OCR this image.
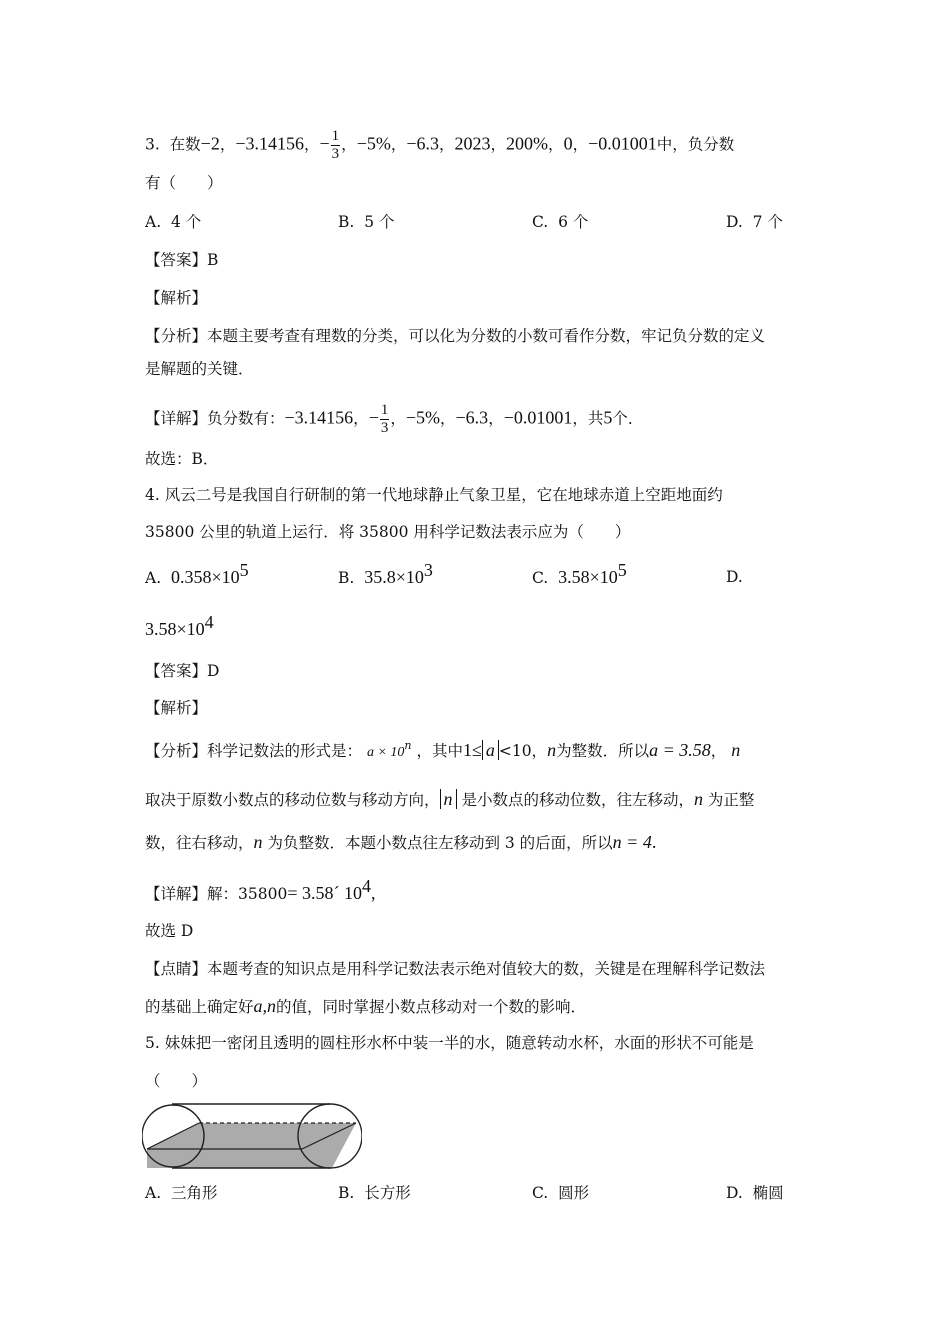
3. 在数−2，−3.14156，− $\frac{1}{3}$ ，−5%，−6.3，2023，200%，0，−0.01001中，负分数
有（　　）
A. 4 个	B. 5 个	C. 6 个	D. 7 个
【答案】B
【解析】
【分析】本题主要考查有理数的分类，可以化为分数的小数可看作分数，牢记负分数的定义
是解题的关键．
【详解】负分数有：−3.14156，− $\frac{1}{3}$ ，−5%，−6.3，−0.01001，共5个．
故选：B．
4. 风云二号是我国自行研制的第一代地球静止气象卫星，它在地球赤道上空距地面约
35800 公里的轨道上运行．将 35800 用科学记数法表示应为（　　）
A. $0.358\times 10^5$	B. $35.8\times 10^3$	C. $3.58\times 10^5$	D.
$3.58\times 10^4$
【答案】D
【解析】
【分析】科学记数法的形式是： $a \times 10^n$ ，其中1≤ a <10，n为整数．所以a = 3.58， n
取决于原数小数点的移动位数与移动方向， n 是小数点的移动位数，往左移动，n 为正整
数，往右移动，n 为负整数．本题小数点往左移动到 3 的后面，所以n = 4.
【详解】解：35800= 3.58´ $10^4$,
故选 D
【点睛】本题考查的知识点是用科学记数法表示绝对值较大的数，关键是在理解科学记数法
的基础上确定好a,n的值，同时掌握小数点移动对一个数的影响．
5. 妹妹把一密闭且透明的圆柱形水杯中装一半的水，随意转动水杯，水面的形状不可能是
（　　）
A. 三角形	B. 长方形	C. 圆形	D. 椭圆
